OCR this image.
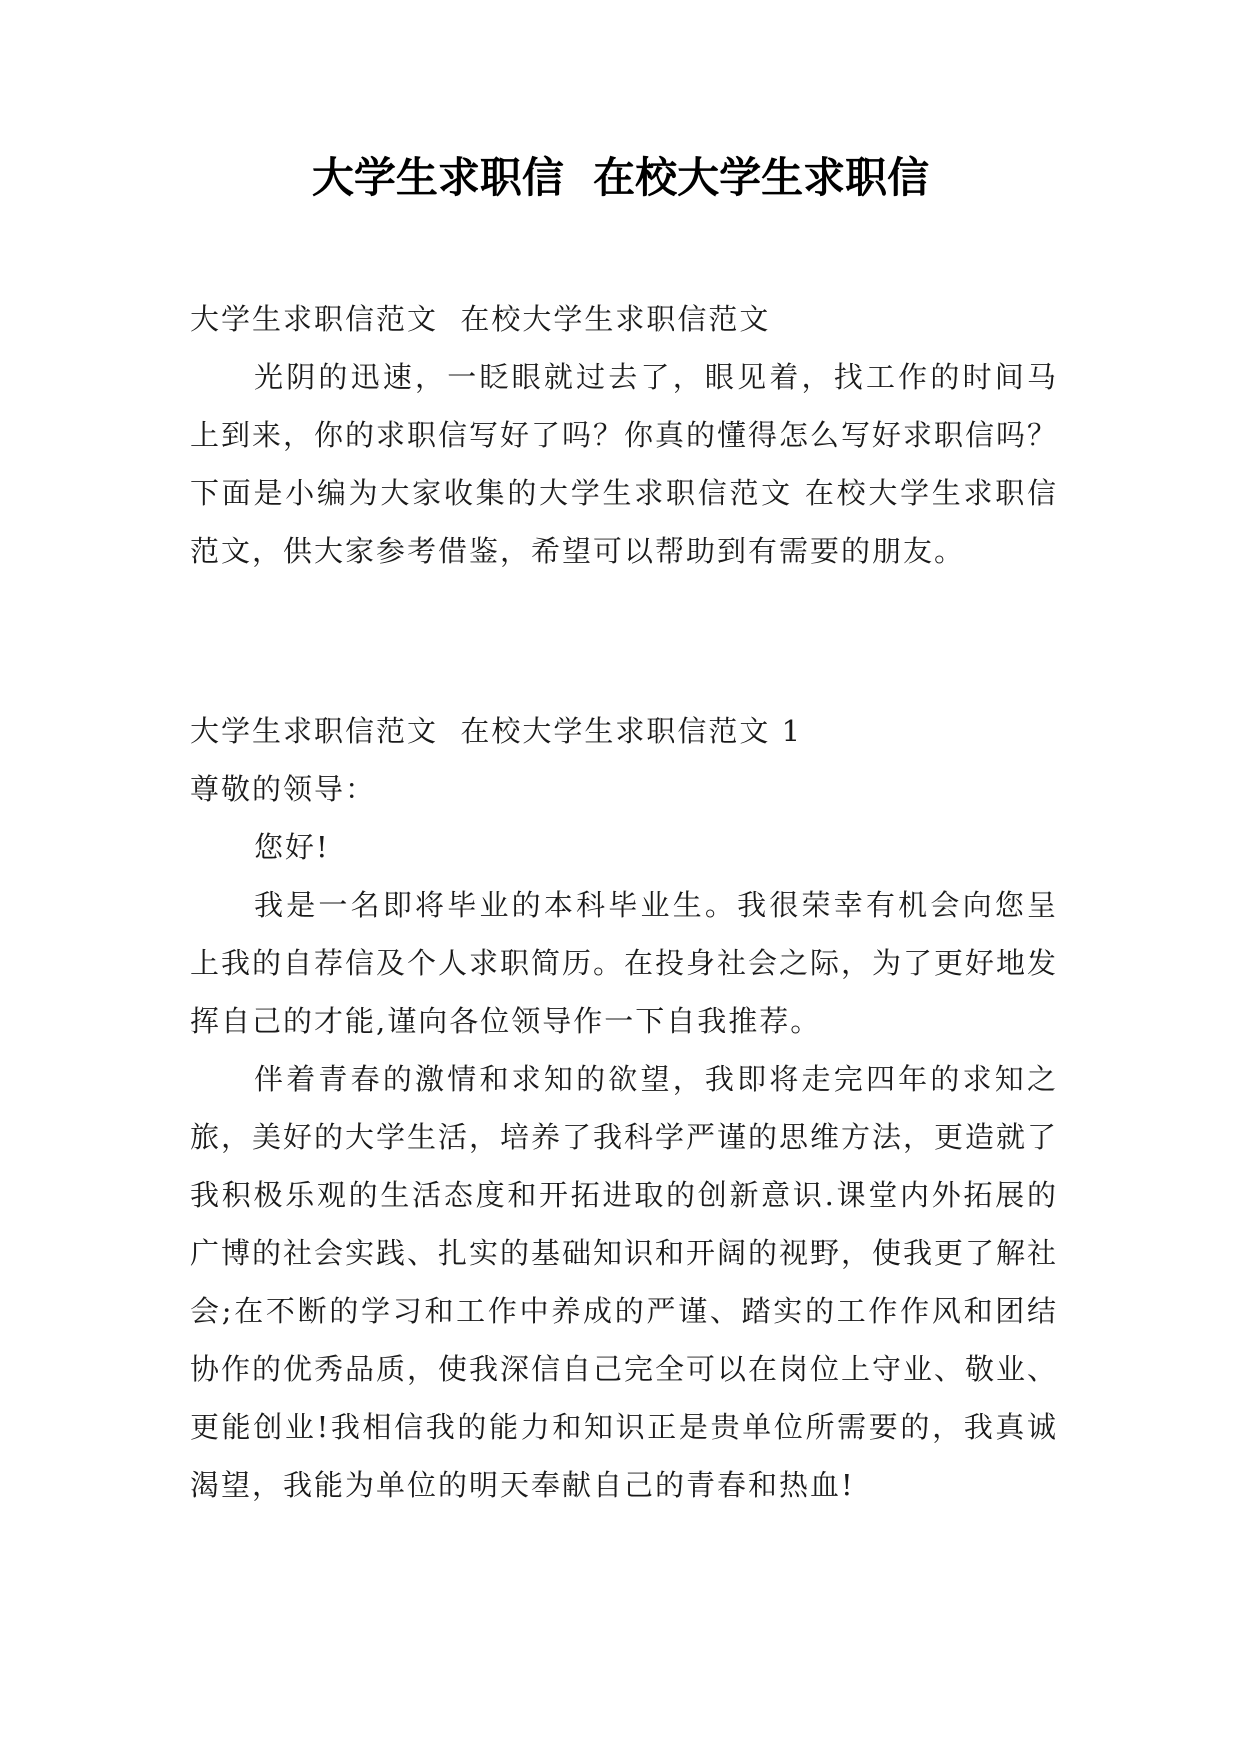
大学生求职信  在校大学生求职信

大学生求职信范文  在校大学生求职信范文

光阴的迅速，一眨眼就过去了，眼见着，找工作的时间马上到来，你的求职信写好了吗？你真的懂得怎么写好求职信吗？下面是小编为大家收集的大学生求职信范文 在校大学生求职信范文，供大家参考借鉴，希望可以帮助到有需要的朋友。

大学生求职信范文  在校大学生求职信范文 1

尊敬的领导：

您好!

我是一名即将毕业的本科毕业生。我很荣幸有机会向您呈上我的自荐信及个人求职简历。在投身社会之际，为了更好地发挥自己的才能,谨向各位领导作一下自我推荐。

伴着青春的激情和求知的欲望，我即将走完四年的求知之旅，美好的大学生活，培养了我科学严谨的思维方法，更造就了我积极乐观的生活态度和开拓进取的创新意识.课堂内外拓展的广博的社会实践、扎实的基础知识和开阔的视野，使我更了解社会;在不断的学习和工作中养成的严谨、踏实的工作作风和团结协作的优秀品质，使我深信自己完全可以在岗位上守业、敬业、更能创业!我相信我的能力和知识正是贵单位所需要的，我真诚渴望，我能为单位的明天奉献自己的青春和热血!
